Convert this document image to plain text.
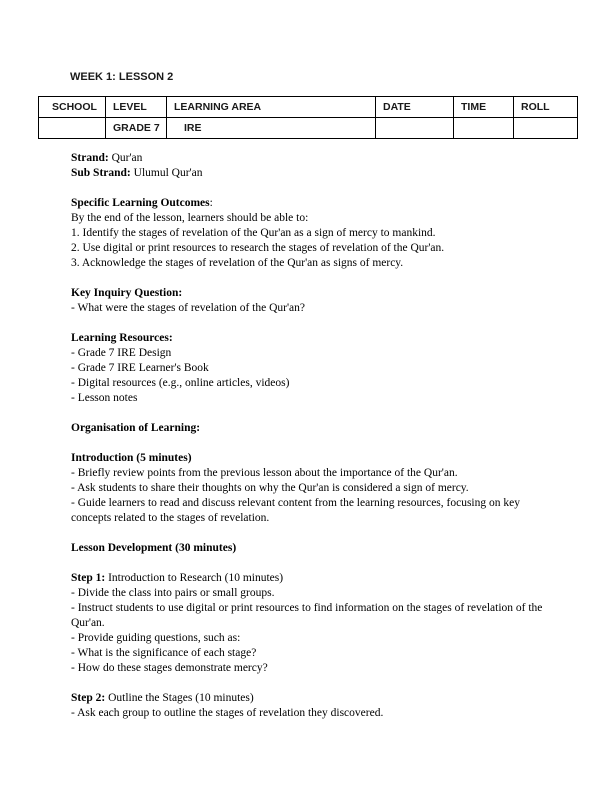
WEEK 1: LESSON 2
SCHOOL	LEVEL	LEARNING AREA	DATE	TIME	ROLL
	GRADE 7	IRE			
Strand: Qur'an
Sub Strand: Ulumul Qur'an
Specific Learning Outcomes:
By the end of the lesson, learners should be able to:
1. Identify the stages of revelation of the Qur'an as a sign of mercy to mankind.
2. Use digital or print resources to research the stages of revelation of the Qur'an.
3. Acknowledge the stages of revelation of the Qur'an as signs of mercy.
Key Inquiry Question:
- What were the stages of revelation of the Qur'an?
Learning Resources:
- Grade 7 IRE Design
- Grade 7 IRE Learner's Book
- Digital resources (e.g., online articles, videos)
- Lesson notes
Organisation of Learning:
Introduction (5 minutes)
- Briefly review points from the previous lesson about the importance of the Qur'an.
- Ask students to share their thoughts on why the Qur'an is considered a sign of mercy.
- Guide learners to read and discuss relevant content from the learning resources, focusing on key concepts related to the stages of revelation.
Lesson Development (30 minutes)
Step 1: Introduction to Research (10 minutes)
- Divide the class into pairs or small groups.
- Instruct students to use digital or print resources to find information on the stages of revelation of the Qur'an.
- Provide guiding questions, such as:
- What is the significance of each stage?
- How do these stages demonstrate mercy?
Step 2: Outline the Stages (10 minutes)
- Ask each group to outline the stages of revelation they discovered.
